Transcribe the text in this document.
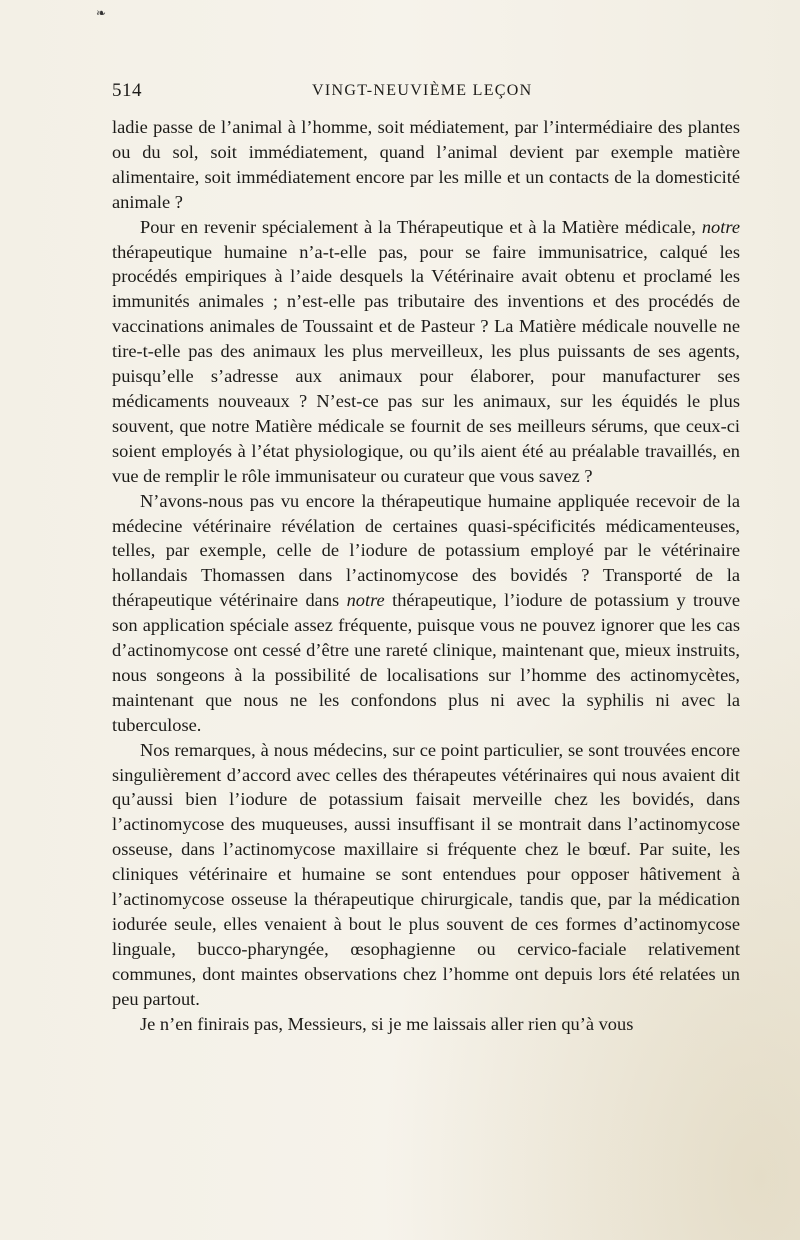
❧
514	VINGT-NEUVIÈME LEÇON

ladie passe de l’animal à l’homme, soit médiatement, par l’intermédiaire des plantes ou du sol, soit immédiatement, quand l’animal devient par exemple matière alimentaire, soit immédiatement encore par les mille et un contacts de la domesticité animale ?

Pour en revenir spécialement à la Thérapeutique et à la Matière médicale, notre thérapeutique humaine n’a-t-elle pas, pour se faire immunisatrice, calqué les procédés empiriques à l’aide desquels la Vétérinaire avait obtenu et proclamé les immunités animales ; n’est-elle pas tributaire des inventions et des procédés de vaccinations animales de Toussaint et de Pasteur ? La Matière médicale nouvelle ne tire-t-elle pas des animaux les plus merveilleux, les plus puissants de ses agents, puisqu’elle s’adresse aux animaux pour élaborer, pour manufacturer ses médicaments nouveaux ? N’est-ce pas sur les animaux, sur les équidés le plus souvent, que notre Matière médicale se fournit de ses meilleurs sérums, que ceux-ci soient employés à l’état physiologique, ou qu’ils aient été au préalable travaillés, en vue de remplir le rôle immunisateur ou curateur que vous savez ?

N’avons-nous pas vu encore la thérapeutique humaine appliquée recevoir de la médecine vétérinaire révélation de certaines quasi-spécificités médicamenteuses, telles, par exemple, celle de l’iodure de potassium employé par le vétérinaire hollandais Thomassen dans l’actinomycose des bovidés ? Transporté de la thérapeutique vétérinaire dans notre thérapeutique, l’iodure de potassium y trouve son application spéciale assez fréquente, puisque vous ne pouvez ignorer que les cas d’actinomycose ont cessé d’être une rareté clinique, maintenant que, mieux instruits, nous songeons à la possibilité de localisations sur l’homme des actinomycètes, maintenant que nous ne les confondons plus ni avec la syphilis ni avec la tuberculose.

Nos remarques, à nous médecins, sur ce point particulier, se sont trouvées encore singulièrement d’accord avec celles des thérapeutes vétérinaires qui nous avaient dit qu’aussi bien l’iodure de potassium faisait merveille chez les bovidés, dans l’actinomycose des muqueuses, aussi insuffisant il se montrait dans l’actinomycose osseuse, dans l’actinomycose maxillaire si fréquente chez le bœuf. Par suite, les cliniques vétérinaire et humaine se sont entendues pour opposer hâtivement à l’actinomycose osseuse la thérapeutique chirurgicale, tandis que, par la médication iodurée seule, elles venaient à bout le plus souvent de ces formes d’actinomycose linguale, bucco-pharyngée, œsophagienne ou cervico-faciale relativement communes, dont maintes observations chez l’homme ont depuis lors été relatées un peu partout.

Je n’en finirais pas, Messieurs, si je me laissais aller rien qu’à vous
